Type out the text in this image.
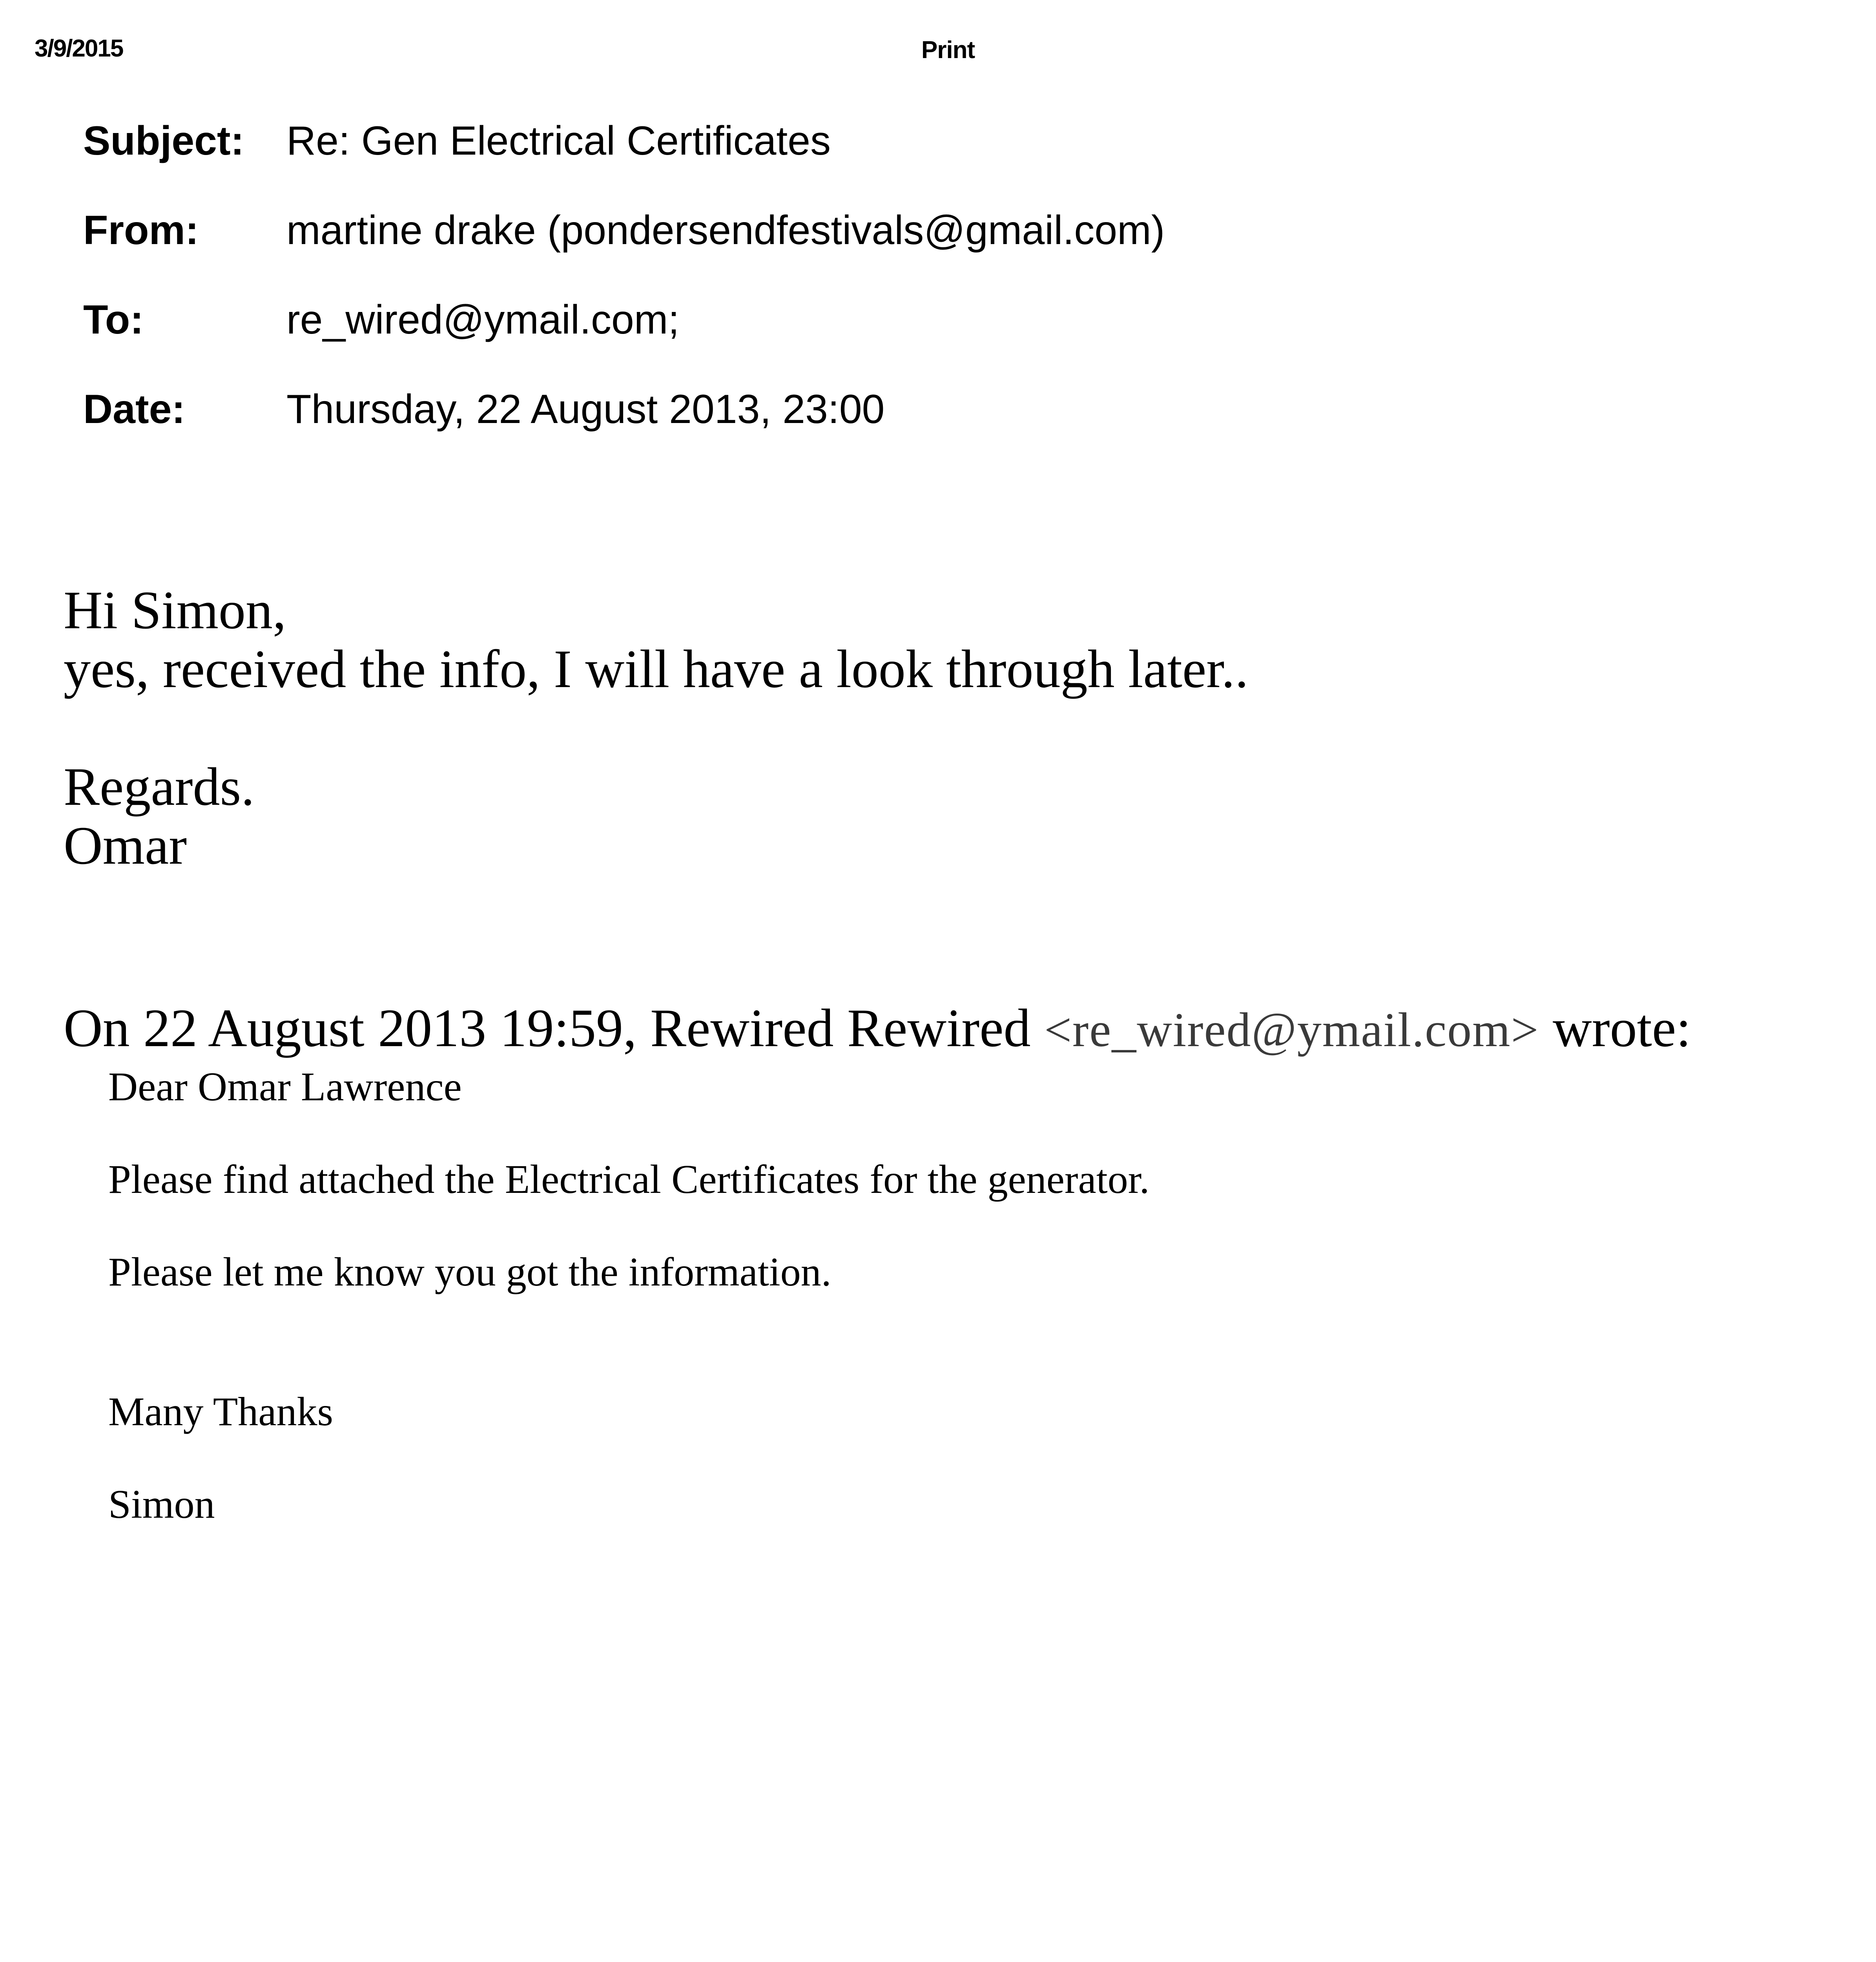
3/9/2015	Print
Subject: Re: Gen Electrical Certificates
From: martine drake (pondersendfestivals@gmail.com)
To:	re_wired@ymail.com;
Date: Thursday, 22 August 2013, 23:00

Hi Simon,

yes, received the info, I will have a look through later..

Regards.

Omar

On 22 August 2013 19:59, Rewired Rewired <re_wired@ymail.com> wrote:
Dear Omar Lawrence
Please find attached the Electrical Certificates for the generator.
Please let me know you got the information.
Many Thanks
Simon
